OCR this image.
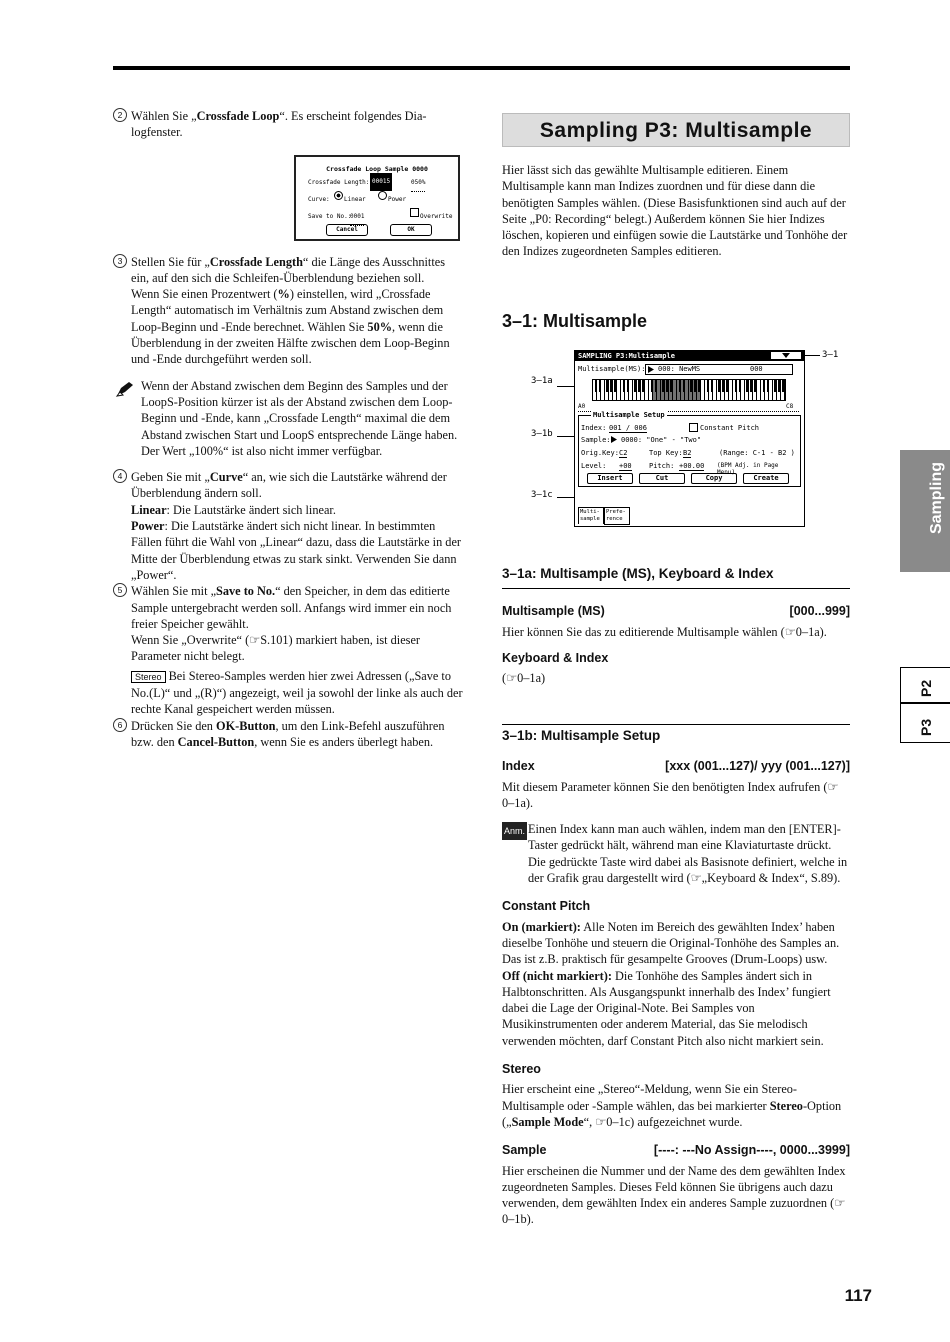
2 Wählen Sie „Crossfade Loop“. Es erscheint folgendes Dia-logfenster.

Crossfade Loop Sample 0000
Crossfade Length: 00015	050%
Curve: Linear	Power
Save to No.:
0001	Overwrite
Cancel	OK
3 Stellen Sie für „Crossfade Length“ die Länge des Ausschnittes ein, auf den sich die Schleifen-Überblendung beziehen soll.

Wenn Sie einen Prozentwert (%) einstellen, wird „Crossfade Length“ automatisch im Verhältnis zum Abstand zwischen dem Loop-Beginn und -Ende berechnet. Wählen Sie 50%, wenn die Überblendung in der zweiten Hälfte zwischen dem Loop-Beginn und -Ende durchgeführt werden soll.

Wenn der Abstand zwischen dem Beginn des Samples und der LoopS-Position kürzer ist als der Abstand zwischen dem Loop-Beginn und -Ende, kann „Crossfade Length“ maximal die dem Abstand zwischen Start und LoopS entsprechende Länge haben. Der Wert „100%“ ist also nicht immer verfügbar.

4 Geben Sie mit „Curve“ an, wie sich die Lautstärke während der Überblendung ändern soll.

Linear: Die Lautstärke ändert sich linear.

Power: Die Lautstärke ändert sich nicht linear. In bestimmten Fällen führt die Wahl von „Linear“ dazu, dass die Lautstärke in der Mitte der Überblendung etwas zu stark sinkt. Verwenden Sie dann „Power“.

5 Wählen Sie mit „Save to No.“ den Speicher, in dem das editierte Sample untergebracht werden soll. Anfangs wird immer ein noch freier Speicher gewählt.

Wenn Sie „Overwrite“ (☞S.101) markiert haben, ist dieser Parameter nicht belegt.

Stereo Bei Stereo-Samples werden hier zwei Adressen („Save to No.(L)“ und „(R)“) angezeigt, weil ja sowohl der linke als auch der rechte Kanal gespeichert werden müssen.

6 Drücken Sie den OK-Button, um den Link-Befehl auszuführen bzw. den Cancel-Button, wenn Sie es anders überlegt haben.

Sampling P3: Multisample

Hier lässt sich das gewählte Multisample editieren. Einem Multisample kann man Indizes zuordnen und für diese dann die benötigten Samples wählen. (Diese Basisfunktionen sind auch auf der Seite „P0: Recording“ belegt.) Außerdem können Sie hier Indizes löschen, kopieren und einfügen sowie die Lautstärke und Tonhöhe der den Indizes zugeordneten Samples editieren.

3–1: Multisample
3–1a
3–1b
3–1c
3–1
SAMPLING P3:Multisample
Multisample(MS): 000: NewMS	000
A0	C8
Multisample Setup
Index: 001 / 006	Constant Pitch
Sample: 0000: "One" - "Two"
Orig.Key: C2	Top Key: B2	(Range: C-1 - B2 )
Level: +00 Pitch: +00.00 (BPM Adj. in Page Menu)
Insert	Cut	Copy	Create
Multi-
sample
Prefe-
rence
3–1a: Multisample (MS), Keyboard & Index
Multisample (MS)	[000...999]

Hier können Sie das zu editierende Multisample wählen (☞0–1a).

Keyboard & Index

(☞0–1a)

3–1b: Multisample Setup
Index	[xxx (001...127)/ yyy (001...127)]

Mit diesem Parameter können Sie den benötigten Index aufrufen (☞0–1a).

Anm. Einen Index kann man auch wählen, indem man den [ENTER]-Taster gedrückt hält, während man eine Klaviaturtaste drückt. Die gedrückte Taste wird dabei als Basisnote definiert, welche in der Grafik grau dargestellt wird (☞„Keyboard & Index“, S.89).

Constant Pitch

On (markiert): Alle Noten im Bereich des gewählten Index’ haben dieselbe Tonhöhe und steuern die Original-Tonhöhe des Samples an. Das ist z.B. praktisch für gesampelte Grooves (Drum-Loops) usw.

Off (nicht markiert): Die Tonhöhe des Samples ändert sich in Halbtonschritten. Als Ausgangspunkt innerhalb des Index’ fungiert dabei die Lage der Original-Note. Bei Samples von Musikinstrumenten oder anderem Material, das Sie melodisch verwenden möchten, darf Constant Pitch also nicht markiert sein.

Stereo

Hier erscheint eine „Stereo“-Meldung, wenn Sie ein Stereo-Multisample oder -Sample wählen, das bei markierter Stereo-Option („Sample Mode“, ☞0–1c) aufgezeichnet wurde.

Sample	[----: ---No Assign----, 0000...3999]

Hier erscheinen die Nummer und der Name des dem gewählten Index zugeordneten Samples. Dieses Feld können Sie übrigens auch dazu verwenden, dem gewählten Index ein anderes Sample zuzuordnen (☞0–1b).

Sampling
P2
P3
117
